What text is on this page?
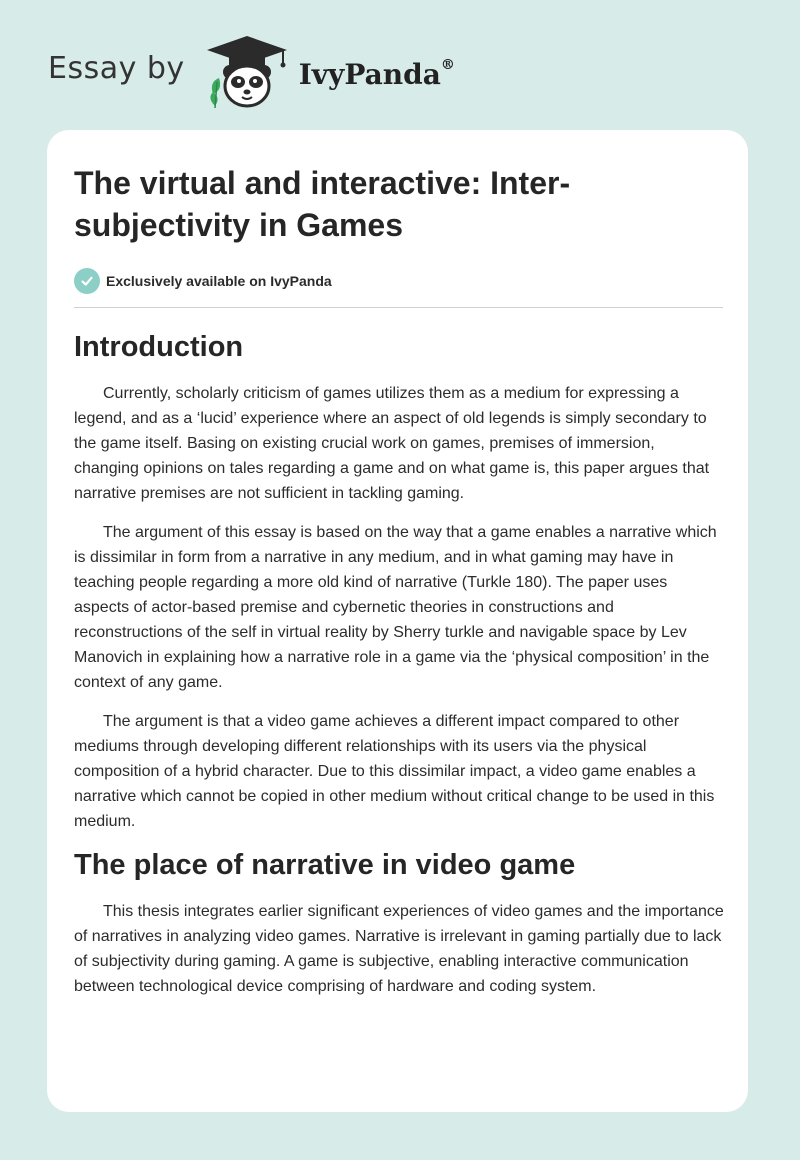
Essay by	IvyPanda®
The virtual and interactive: Inter-subjectivity in Games
Exclusively available on IvyPanda
Introduction

Currently, scholarly criticism of games utilizes them as a medium for expressing a legend, and as a ‘lucid’ experience where an aspect of old legends is simply secondary to the game itself. Basing on existing crucial work on games, premises of immersion, changing opinions on tales regarding a game and on what game is, this paper argues that narrative premises are not sufficient in tackling gaming.

The argument of this essay is based on the way that a game enables a narrative which is dissimilar in form from a narrative in any medium, and in what gaming may have in teaching people regarding a more old kind of narrative (Turkle 180). The paper uses aspects of actor-based premise and cybernetic theories in constructions and reconstructions of the self in virtual reality by Sherry turkle and navigable space by Lev Manovich in explaining how a narrative role in a game via the ‘physical composition’ in the context of any game.

The argument is that a video game achieves a different impact compared to other mediums through developing different relationships with its users via the physical composition of a hybrid character. Due to this dissimilar impact, a video game enables a narrative which cannot be copied in other medium without critical change to be used in this medium.

The place of narrative in video game

This thesis integrates earlier significant experiences of video games and the importance of narratives in analyzing video games. Narrative is irrelevant in gaming partially due to lack of subjectivity during gaming. A game is subjective, enabling interactive communication between technological device comprising of hardware and coding system.
